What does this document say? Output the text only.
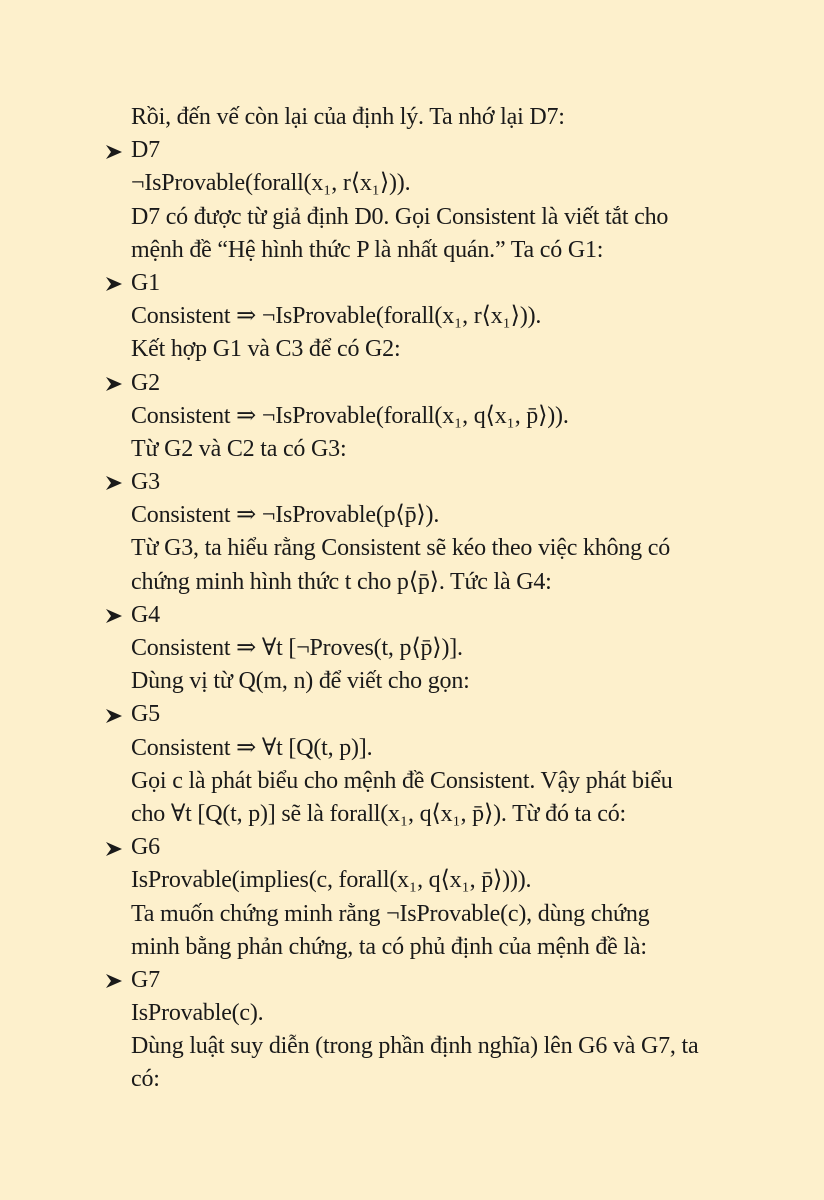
Rồi, đến vế còn lại của định lý. Ta nhớ lại D7:
D7
¬IsProvable(forall(x₁, r⟨x₁⟩)).
D7 có được từ giả định D0. Gọi Consistent là viết tắt cho
mệnh đề “Hệ hình thức P là nhất quán.” Ta có G1:
G1
Consistent ⇒ ¬IsProvable(forall(x₁, r⟨x₁⟩)).
Kết hợp G1 và C3 để có G2:
G2
Consistent ⇒ ¬IsProvable(forall(x₁, q⟨x₁, p̄⟩)).
Từ G2 và C2 ta có G3:
G3
Consistent ⇒ ¬IsProvable(p⟨p̄⟩).
Từ G3, ta hiểu rằng Consistent sẽ kéo theo việc không có
chứng minh hình thức t cho p⟨p̄⟩. Tức là G4:
G4
Consistent ⇒ ∀t [¬Proves(t, p⟨p̄⟩)].
Dùng vị từ Q(m, n) để viết cho gọn:
G5
Consistent ⇒ ∀t [Q(t, p)].
Gọi c là phát biểu cho mệnh đề Consistent. Vậy phát biểu
cho ∀t [Q(t, p)] sẽ là forall(x₁, q⟨x₁, p̄⟩). Từ đó ta có:
G6
IsProvable(implies(c, forall(x₁, q⟨x₁, p̄⟩))).
Ta muốn chứng minh rằng ¬IsProvable(c), dùng chứng
minh bằng phản chứng, ta có phủ định của mệnh đề là:
G7
IsProvable(c).
Dùng luật suy diễn (trong phần định nghĩa) lên G6 và G7, ta
có:
